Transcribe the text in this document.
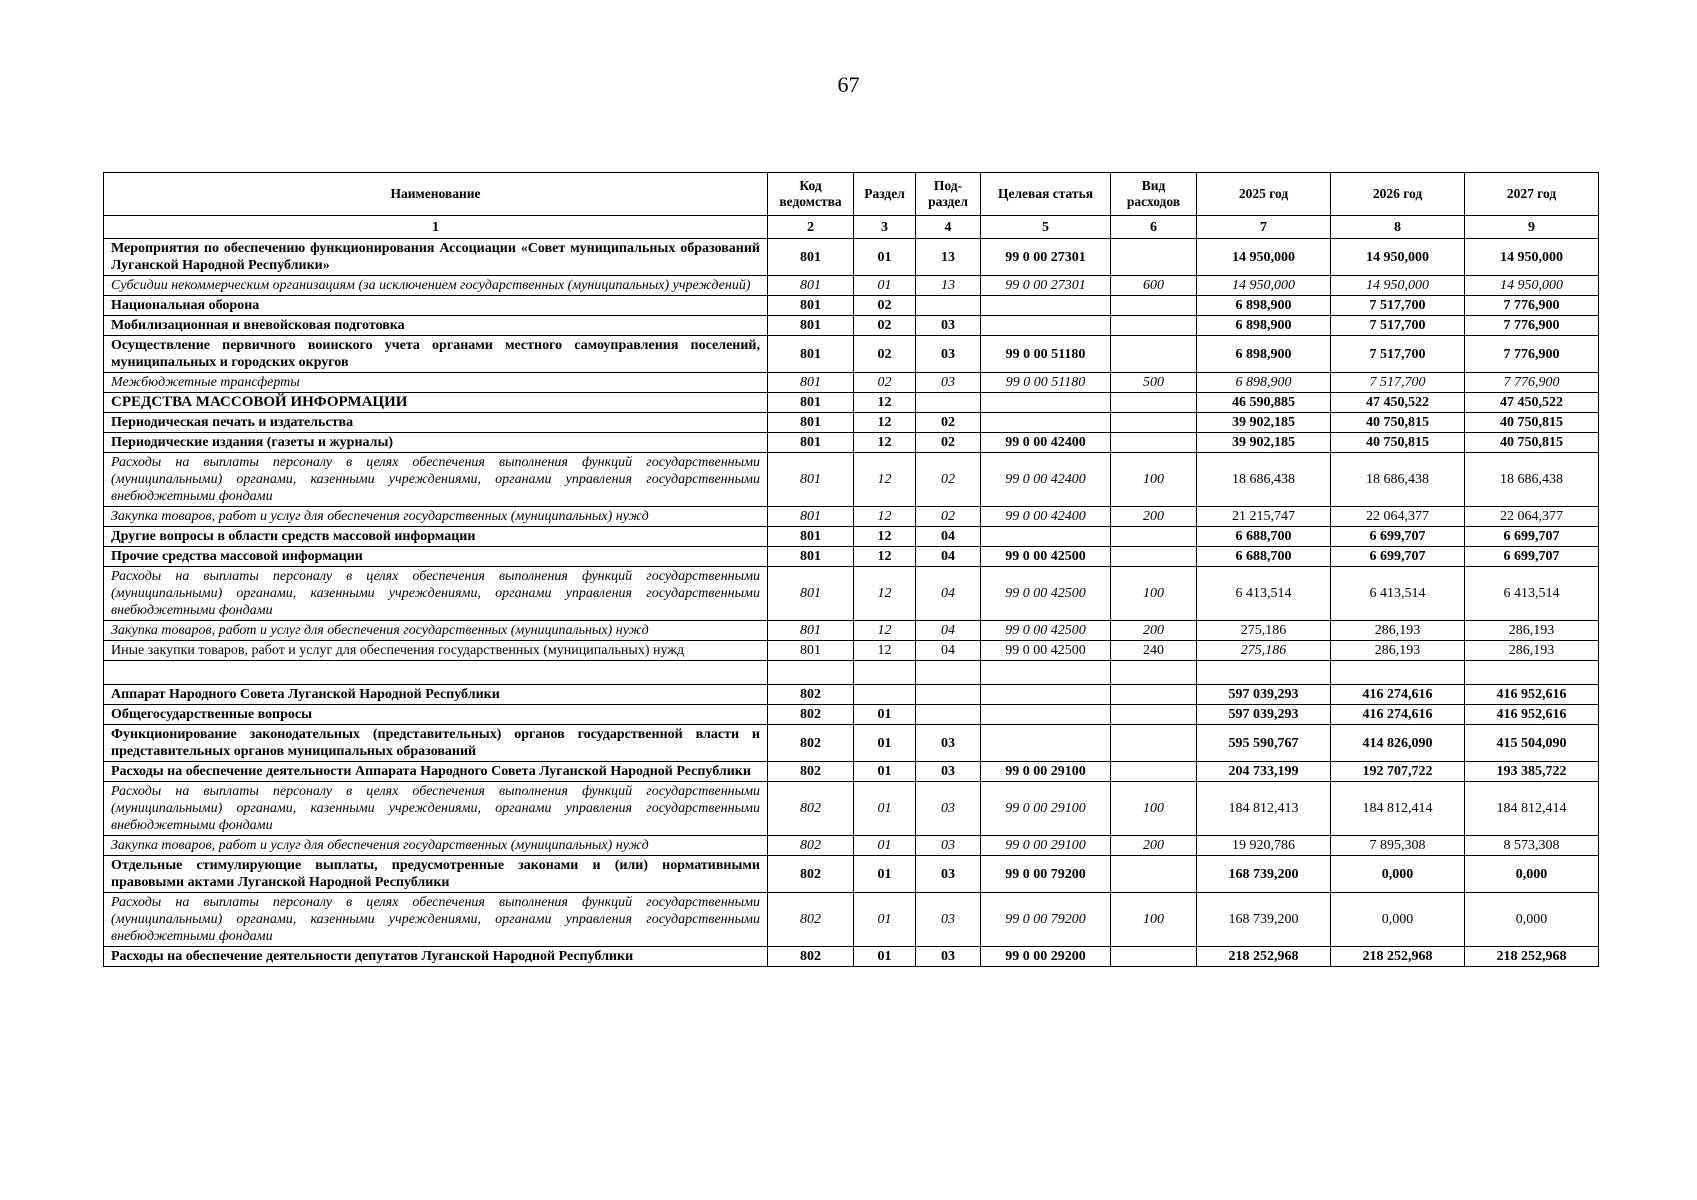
67
Наименование	Код ведомства	Раздел	Под-раздел	Целевая статья	Вид расходов	2025 год	2026 год	2027 год
1	2	3	4	5	6	7	8	9
Мероприятия по обеспечению функционирования Ассоциации «Совет муниципальных образований Луганской Народной Республики»	801	01	13	99 0 00 27301		14 950,000	14 950,000	14 950,000
Субсидии некоммерческим организациям (за исключением государственных (муниципальных) учреждений)	801	01	13	99 0 00 27301	600	14 950,000	14 950,000	14 950,000
Национальная оборона	801	02				6 898,900	7 517,700	7 776,900
Мобилизационная и вневойсковая подготовка	801	02	03			6 898,900	7 517,700	7 776,900
Осуществление первичного воинского учета органами местного самоуправления поселений, муниципальных и городских округов	801	02	03	99 0 00 51180		6 898,900	7 517,700	7 776,900
Межбюджетные трансферты	801	02	03	99 0 00 51180	500	6 898,900	7 517,700	7 776,900
СРЕДСТВА МАССОВОЙ ИНФОРМАЦИИ	801	12				46 590,885	47 450,522	47 450,522
Периодическая печать и издательства	801	12	02			39 902,185	40 750,815	40 750,815
Периодические издания (газеты и журналы)	801	12	02	99 0 00 42400		39 902,185	40 750,815	40 750,815
Расходы на выплаты персоналу в целях обеспечения выполнения функций государственными (муниципальными) органами, казенными учреждениями, органами управления государственными внебюджетными фондами	801	12	02	99 0 00 42400	100	18 686,438	18 686,438	18 686,438
Закупка товаров, работ и услуг для обеспечения государственных (муниципальных) нужд	801	12	02	99 0 00 42400	200	21 215,747	22 064,377	22 064,377
Другие вопросы в области средств массовой информации	801	12	04			6 688,700	6 699,707	6 699,707
Прочие средства массовой информации	801	12	04	99 0 00 42500		6 688,700	6 699,707	6 699,707
Расходы на выплаты персоналу в целях обеспечения выполнения функций государственными (муниципальными) органами, казенными учреждениями, органами управления государственными внебюджетными фондами	801	12	04	99 0 00 42500	100	6 413,514	6 413,514	6 413,514
Закупка товаров, работ и услуг для обеспечения государственных (муниципальных) нужд	801	12	04	99 0 00 42500	200	275,186	286,193	286,193
Иные закупки товаров, работ и услуг для обеспечения государственных (муниципальных) нужд	801	12	04	99 0 00 42500	240	275,186	286,193	286,193

Аппарат Народного Совета Луганской Народной Республики	802					597 039,293	416 274,616	416 952,616
Общегосударственные вопросы	802	01				597 039,293	416 274,616	416 952,616
Функционирование законодательных (представительных) органов государственной власти и представительных органов муниципальных образований	802	01	03			595 590,767	414 826,090	415 504,090
Расходы на обеспечение деятельности Аппарата Народного Совета Луганской Народной Республики	802	01	03	99 0 00 29100		204 733,199	192 707,722	193 385,722
Расходы на выплаты персоналу в целях обеспечения выполнения функций государственными (муниципальными) органами, казенными учреждениями, органами управления государственными внебюджетными фондами	802	01	03	99 0 00 29100	100	184 812,413	184 812,414	184 812,414
Закупка товаров, работ и услуг для обеспечения государственных (муниципальных) нужд	802	01	03	99 0 00 29100	200	19 920,786	7 895,308	8 573,308
Отдельные стимулирующие выплаты, предусмотренные законами и (или) нормативными правовыми актами Луганской Народной Республики	802	01	03	99 0 00 79200		168 739,200	0,000	0,000
Расходы на выплаты персоналу в целях обеспечения выполнения функций государственными (муниципальными) органами, казенными учреждениями, органами управления государственными внебюджетными фондами	802	01	03	99 0 00 79200	100	168 739,200	0,000	0,000
Расходы на обеспечение деятельности депутатов Луганской Народной Республики	802	01	03	99 0 00 29200		218 252,968	218 252,968	218 252,968
